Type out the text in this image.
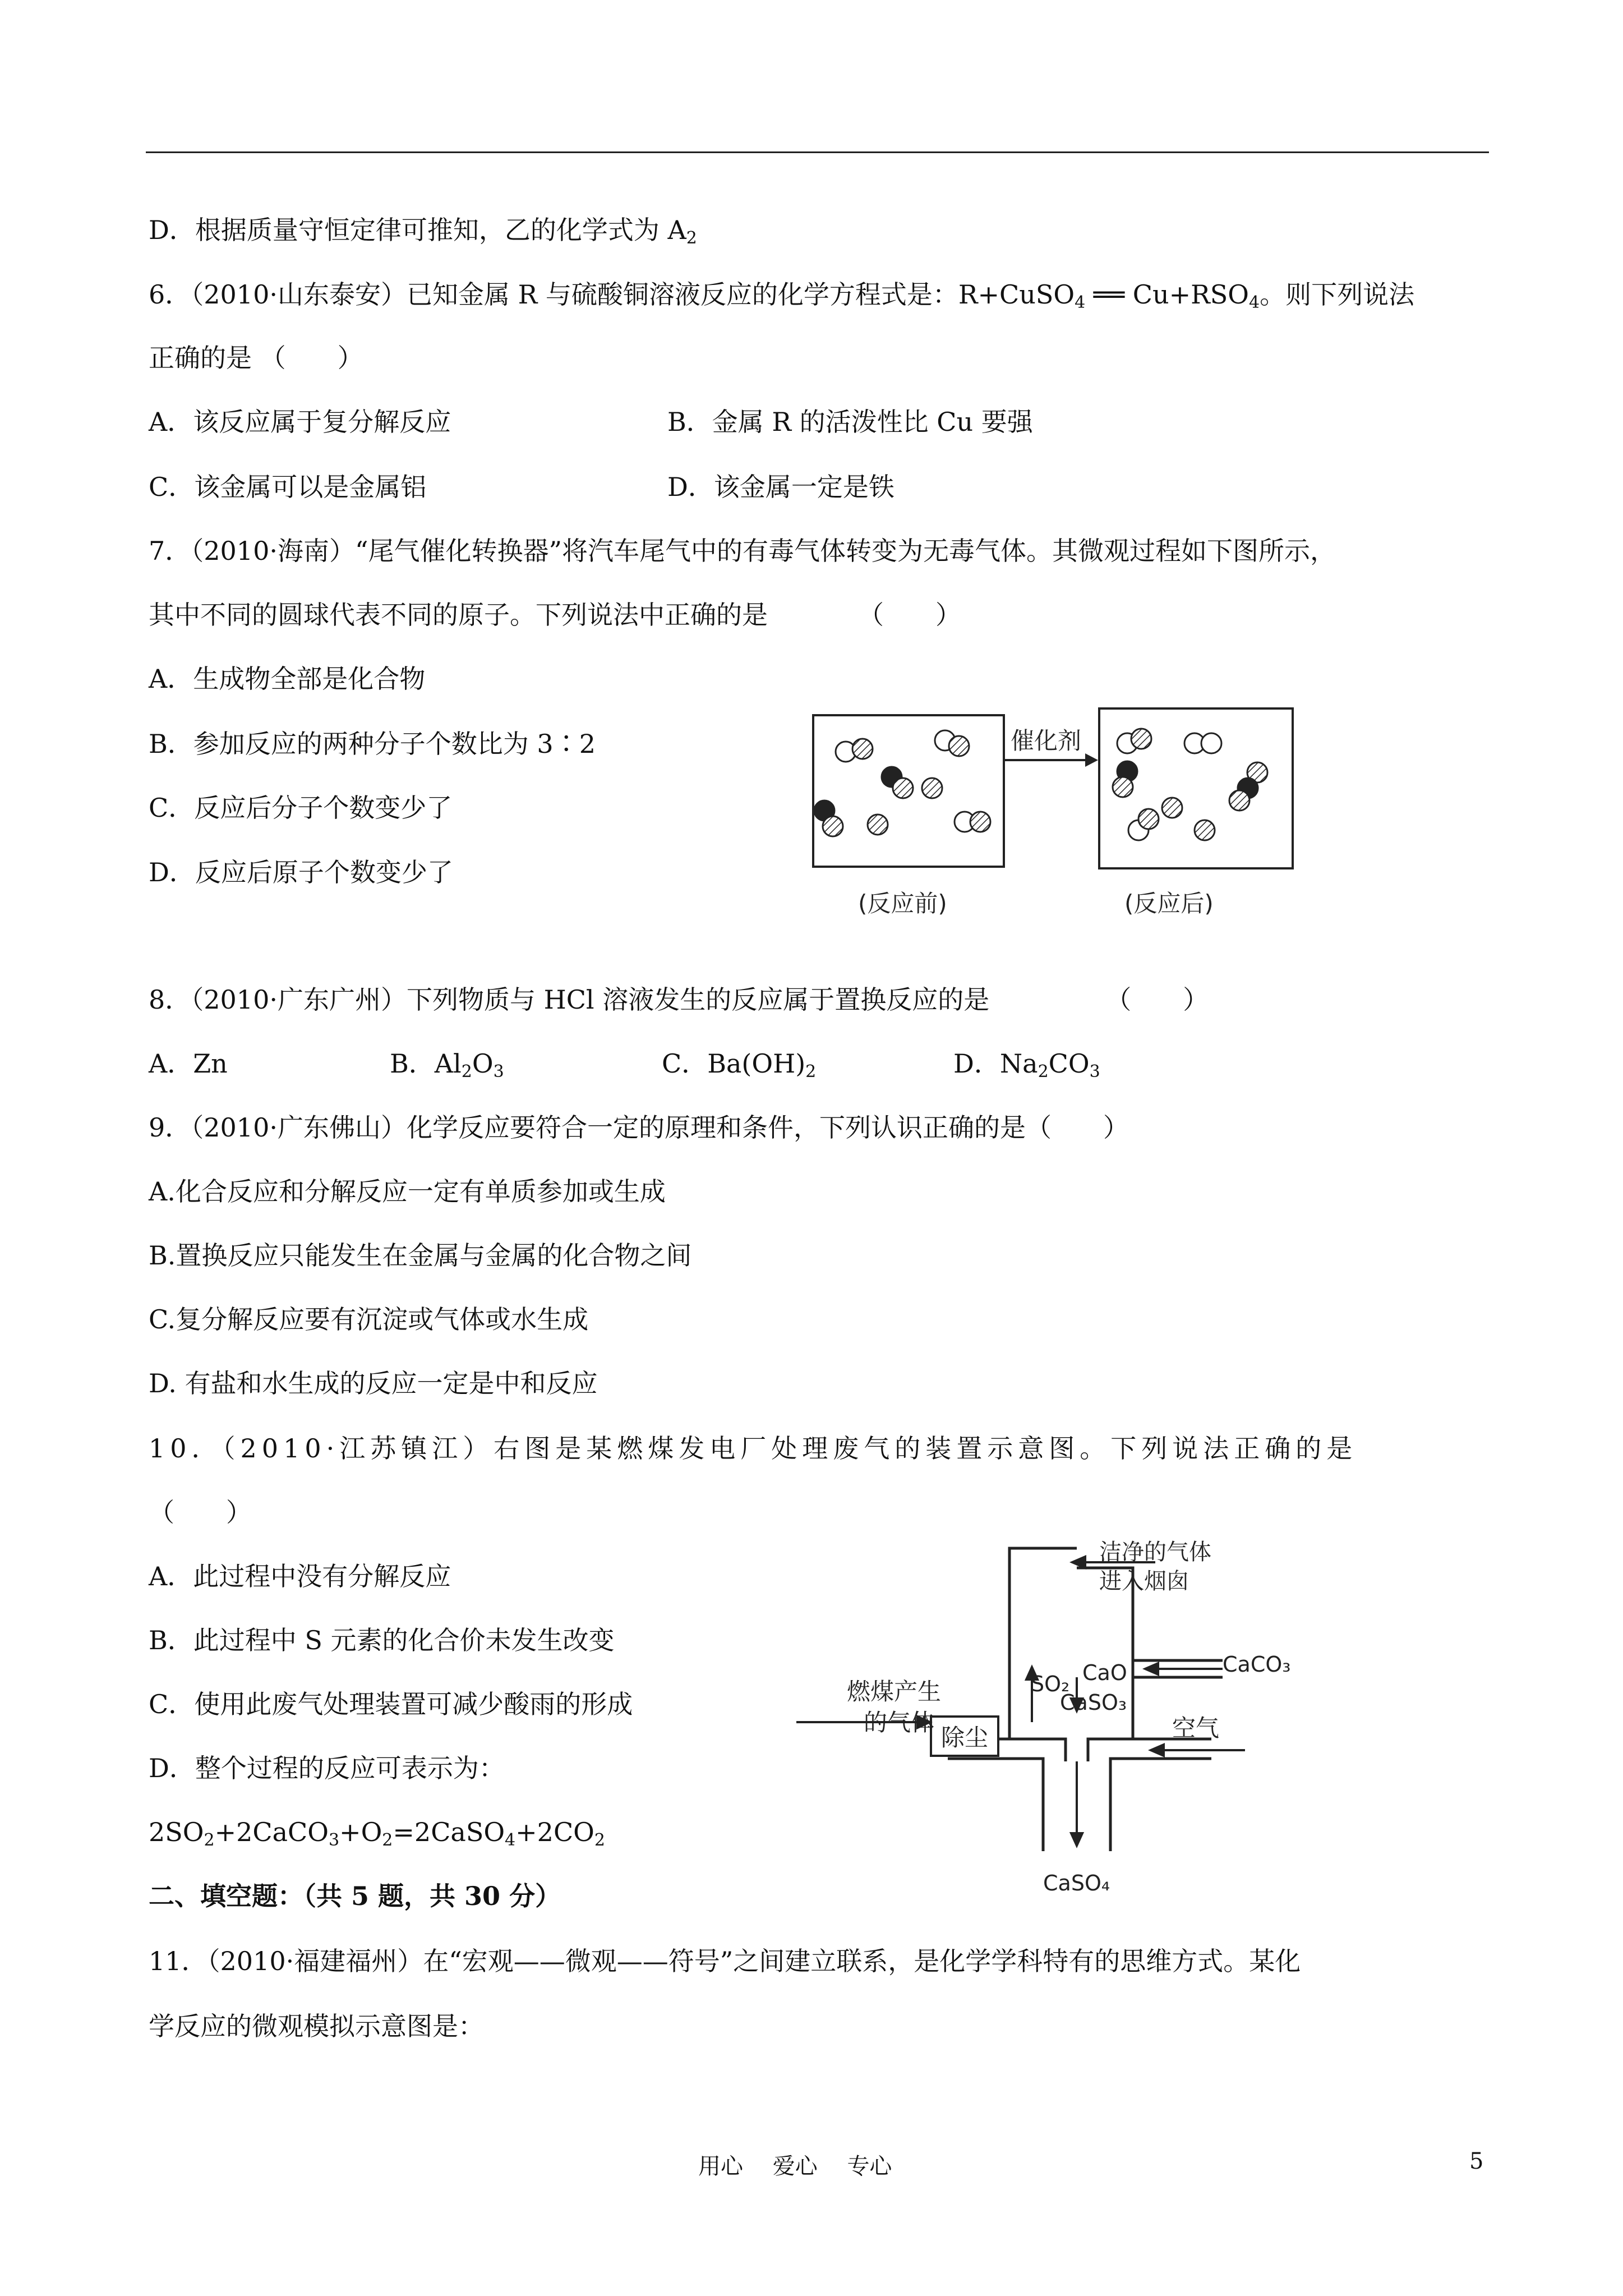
D．根据质量守恒定律可推知，乙的化学式为 $A_2$
6．（2010·山东泰安）已知金属 R 与硫酸铜溶液反应的化学方程式是：R+CuSO$_4$ ══ $Cu+RSO_4$。则下列说法
正确的是 （　　）
A．该反应属于复分解反应	B．金属 R 的活泼性比 Cu 要强
C．该金属可以是金属铝	D．该金属一定是铁
7．（2010·海南）“尾气催化转换器”将汽车尾气中的有毒气体转变为无毒气体。其微观过程如下图所示，
其中不同的圆球代表不同的原子。下列说法中正确的是　　　　（　　）
A．生成物全部是化合物
B．参加反应的两种分子个数比为 3∶2
C．反应后分子个数变少了
D．反应后原子个数变少了
催化剂
(反应前)	(反应后)
8．（2010·广东广州）下列物质与 HCl 溶液发生的反应属于置换反应的是　　　　　（　　）
A．Zn	B．$Al_2O_3$	C．$Ba(OH)_2$	D．$Na_2CO_3$
9．（2010·广东佛山）化学反应要符合一定的原理和条件，下列认识正确的是（　　）
A.化合反应和分解反应一定有单质参加或生成
B.置换反应只能发生在金属与金属的化合物之间
C.复分解反应要有沉淀或气体或水生成
D. 有盐和水生成的反应一定是中和反应
10．（2010·江苏镇江）右图是某燃煤发电厂处理废气的装置示意图。下列说法正确的是
（　　）
A．此过程中没有分解反应
B．此过程中 S 元素的化合价未发生改变
C．使用此废气处理装置可减少酸雨的形成
D．整个过程的反应可表示为：
$2SO_2+2CaCO_3+O_2=2CaSO_4+2CO_2$
除尘
燃煤产生
的气体
洁净的气体
进入烟囱
CaCO₃
SO₂ CaO
CaSO₃
空气
CaSO₄
二、填空题：（共 5 题，共 30 分）
11．（2010·福建福州）在“宏观——微观——符号”之间建立联系，是化学学科特有的思维方式。某化
学反应的微观模拟示意图是：
用心 爱心 专心	5
